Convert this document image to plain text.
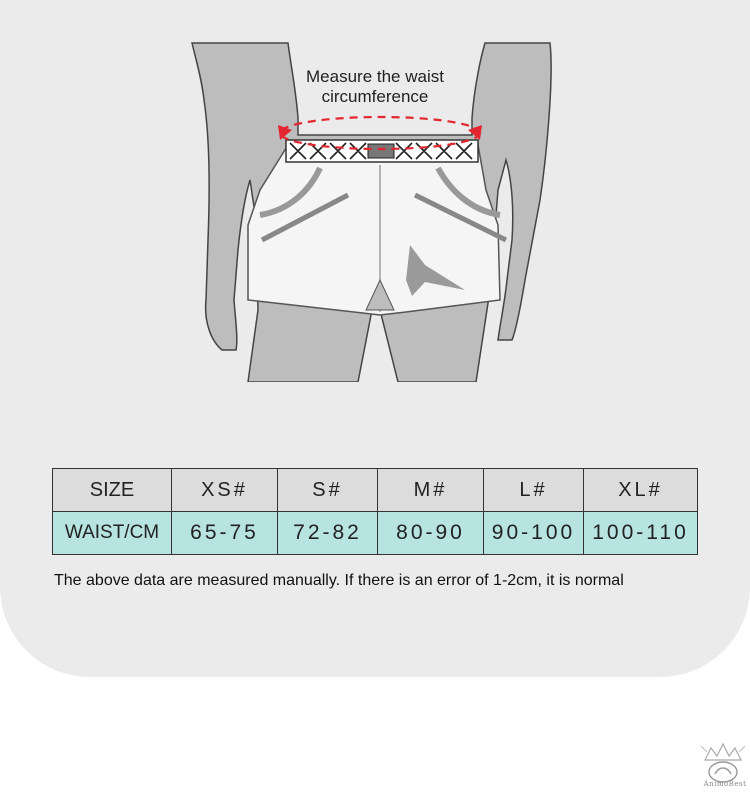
Measure the waist
circumference
SIZE	XS#	S#	M#	L#	XL#
WAIST/CM	65-75	72-82	80-90	90-100	100-110
The above data are measured manually. If there is an error of 1-2cm, it is normal
AnimoBest
